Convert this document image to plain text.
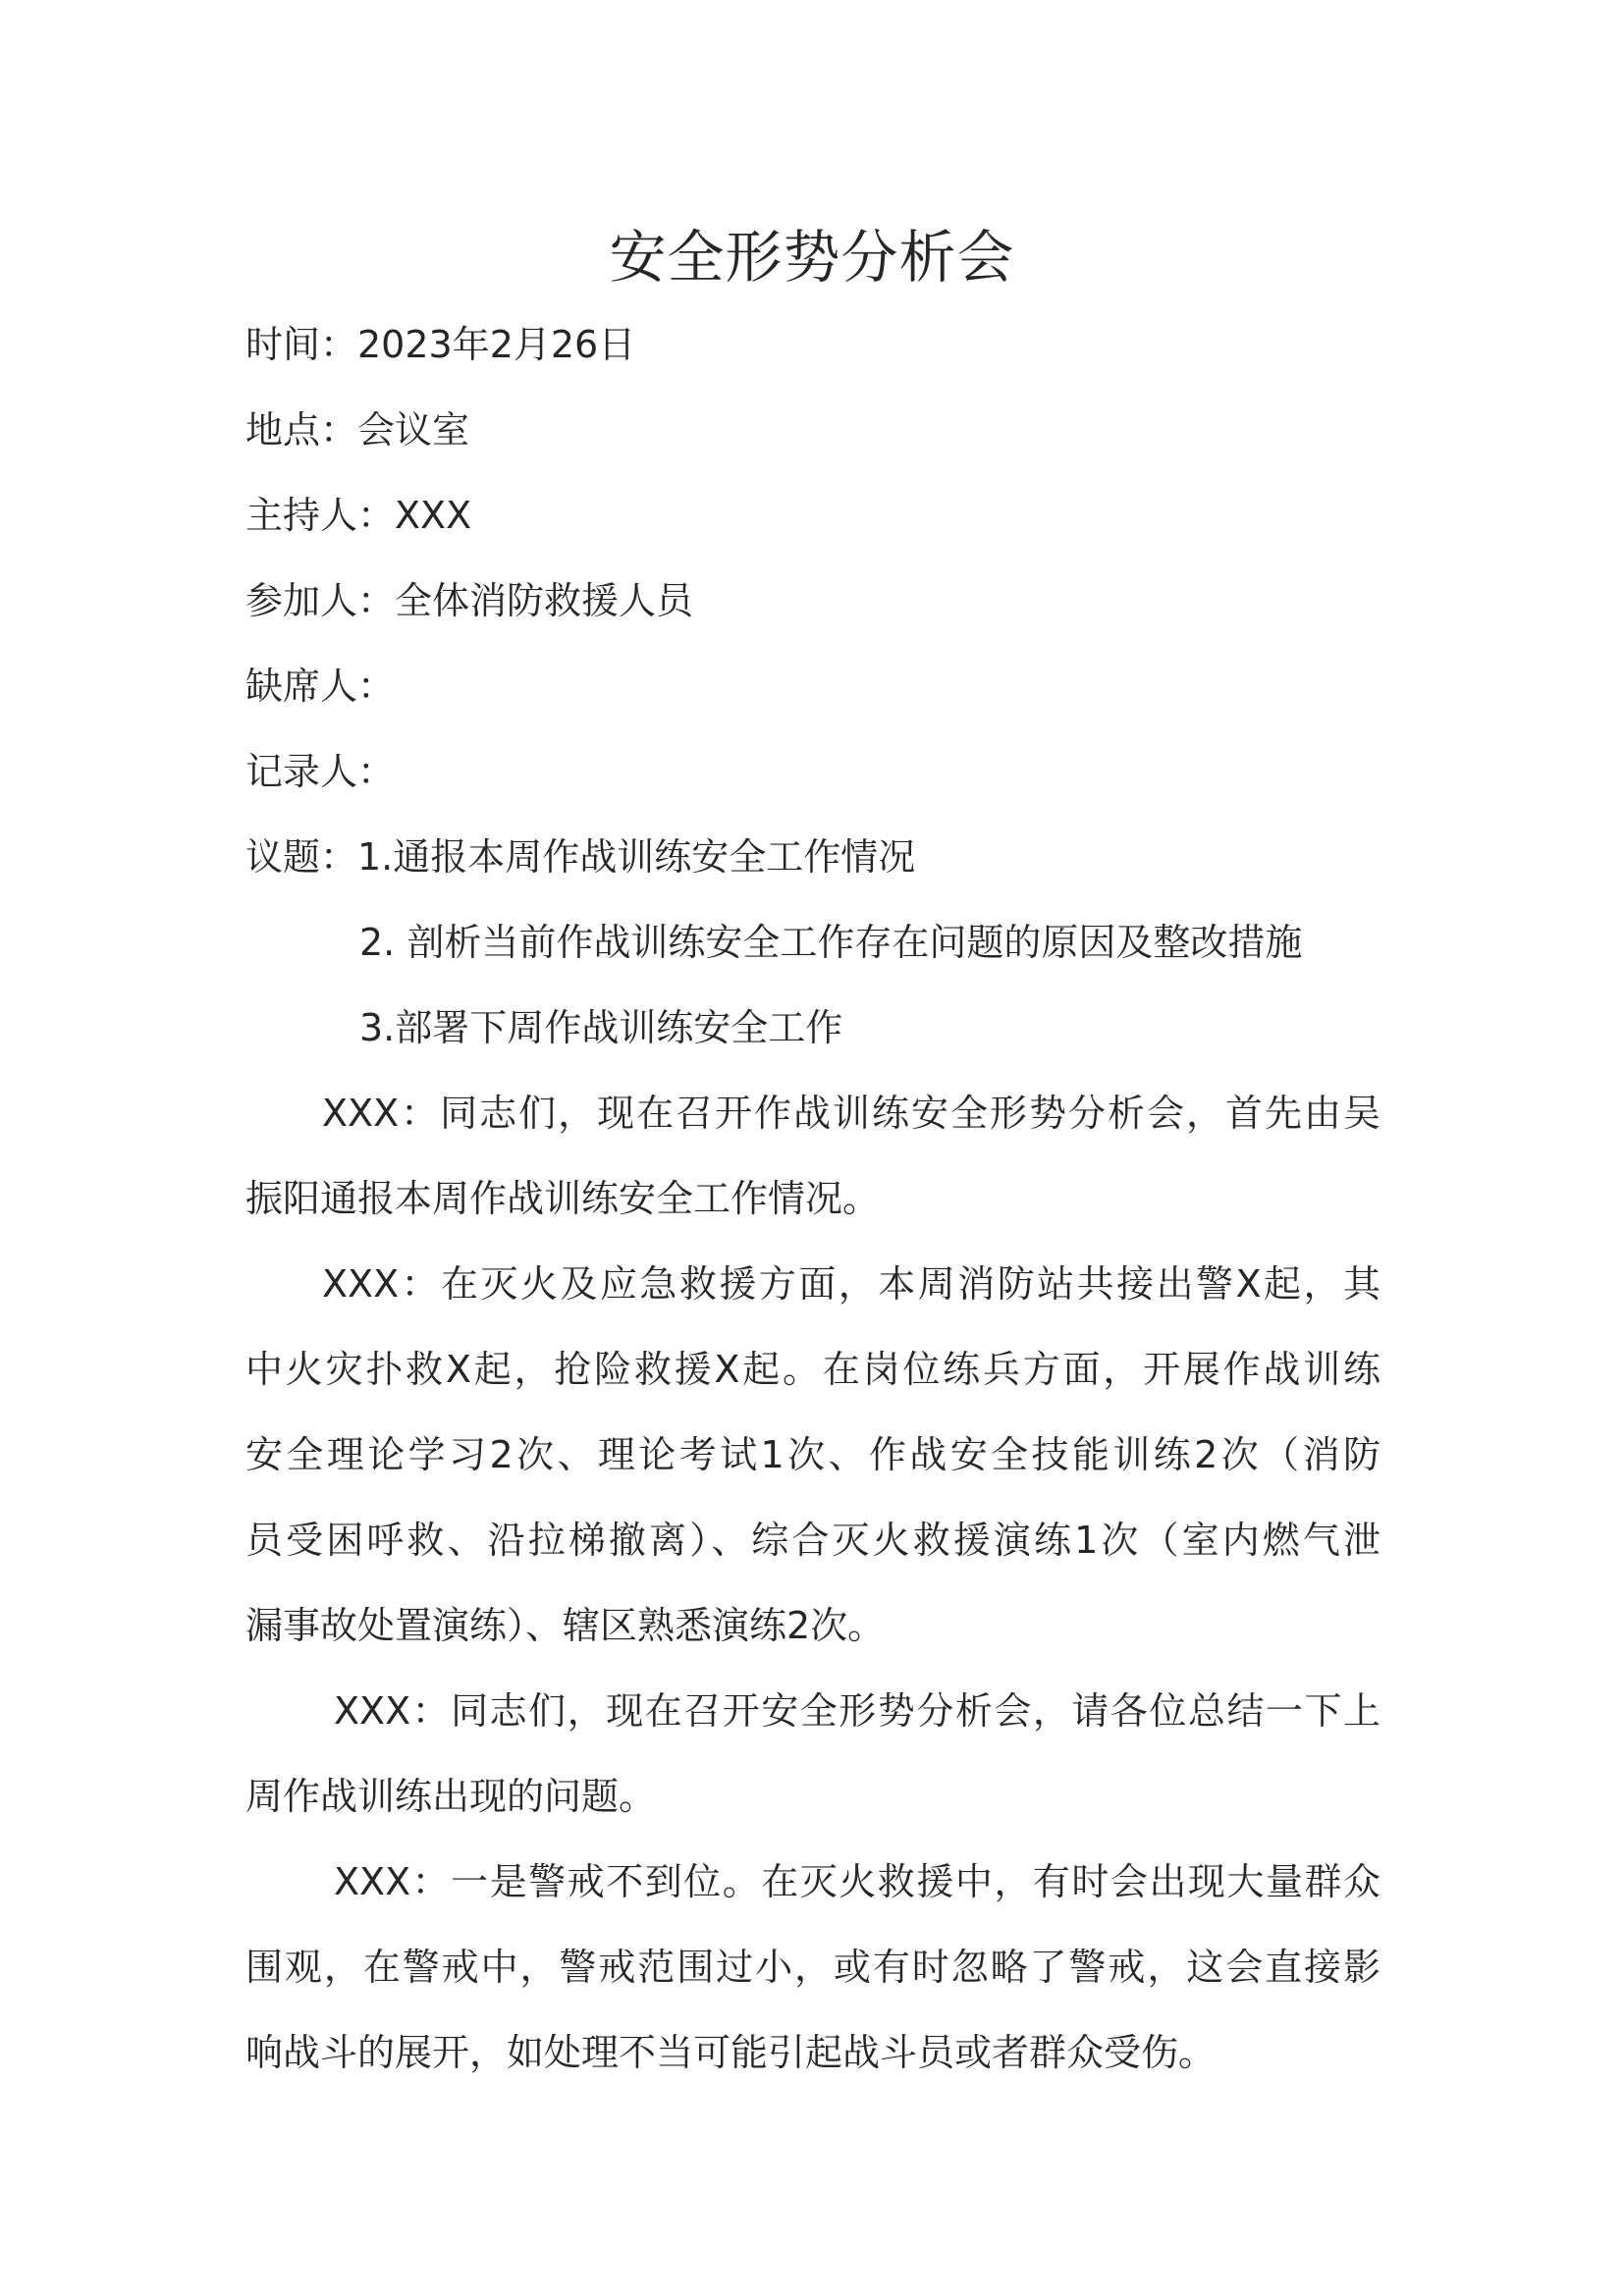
安全形势分析会
时间：2023年2月26日
地点：会议室
主持人：XXX
参加人：全体消防救援人员
缺席人：
记录人：
议题：1.通报本周作战训练安全工作情况
2. 剖析当前作战训练安全工作存在问题的原因及整改措施
3.部署下周作战训练安全工作
XXX：同志们，现在召开作战训练安全形势分析会，首先由吴
振阳通报本周作战训练安全工作情况。
XXX：在灭火及应急救援方面，本周消防站共接出警X起，其
中火灾扑救X起，抢险救援X起。在岗位练兵方面，开展作战训练
安全理论学习2次、理论考试1次、作战安全技能训练2次（消防
员受困呼救、沿拉梯撤离）、综合灭火救援演练1次（室内燃气泄
漏事故处置演练）、辖区熟悉演练2次。
XXX：同志们，现在召开安全形势分析会，请各位总结一下上
周作战训练出现的问题。
XXX：一是警戒不到位。在灭火救援中，有时会出现大量群众
围观，在警戒中，警戒范围过小，或有时忽略了警戒，这会直接影
响战斗的展开，如处理不当可能引起战斗员或者群众受伤。
